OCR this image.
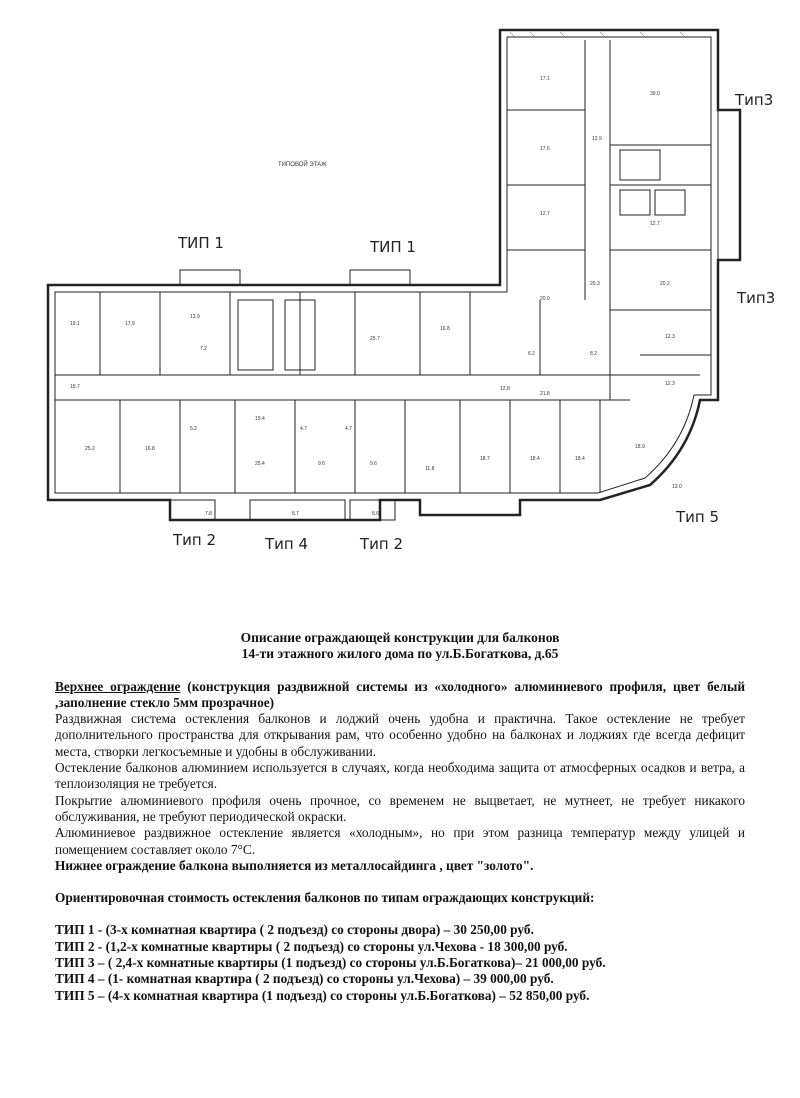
19.1	17.9
13.9
7.2
15.7
25.7
16.8
12.8
25.2
5.2
16.8
19.4
4.7
25.4
4.7
9.6	9.6
11.8
18.7	18.4	18.4
18.9
13.0
7.8	8.7	8.6
20.9
20.3
12.7
17.1
17.6
12.9
39.0
12.7
20.2
12.3
12.3
21.8
6.2	8.2
ТИПОВОЙ ЭТАЖ
ТИП 1	ТИП 1
Тип3
Тип3
Тип 5
Тип 2	Тип 4	Тип 2

Описание ограждающей конструкции для балконов

14-ти этажного жилого дома по ул.Б.Богаткова, д.65

Верхнее ограждение (конструкция раздвижной системы из «холодного» алюминиевого профиля, цвет белый ,заполнение стекло 5мм прозрачное)

Раздвижная система остекления балконов и лоджий очень удобна и практична. Такое остекление не требует дополнительного пространства для открывания рам, что особенно удобно на балконах и лоджиях где всегда дефицит места, створки легкосъемные и удобны в обслуживании.

Остекление балконов алюминием используется в случаях, когда необходима защита от атмосферных осадков и ветра, а теплоизоляция не требуется.

Покрытие алюминиевого профиля очень прочное, со временем не выцветает, не мутнеет, не требует никакого обслуживания, не требуют периодической окраски.

Алюминиевое раздвижное остекление является «холодным», но при этом разница температур между улицей и помещением составляет около 7°С.

Нижнее ограждение балкона выполняется из металлосайдинга , цвет "золото".

Ориентировочная стоимость остекления балконов по типам ограждающих конструкций:

ТИП 1 - (3-х комнатная квартира ( 2 подъезд) со стороны двора) – 30 250,00 руб.

ТИП 2 - (1,2-х комнатные квартиры ( 2 подъезд) со стороны ул.Чехова - 18 300,00 руб.

ТИП 3 – ( 2,4-х комнатные квартиры (1 подъезд) со стороны ул.Б.Богаткова)– 21 000,00 руб.

ТИП 4 – (1- комнатная квартира ( 2 подъезд) со стороны ул.Чехова) – 39 000,00 руб.

ТИП 5 – (4-х комнатная квартира (1 подъезд) со стороны ул.Б.Богаткова) – 52 850,00 руб.
